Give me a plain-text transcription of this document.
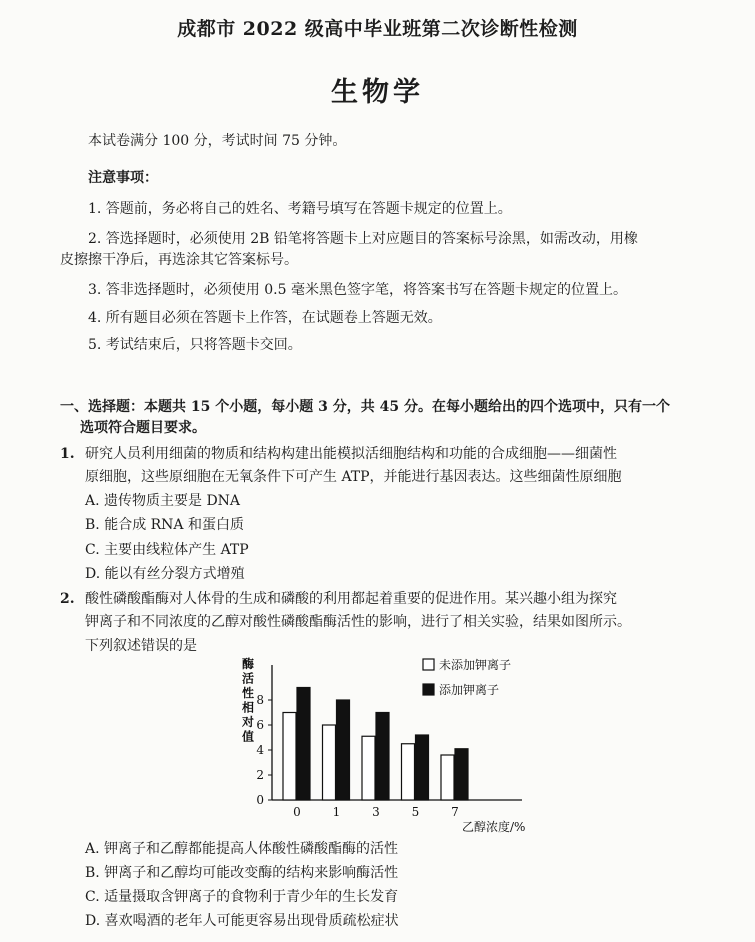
成都市 2022 级高中毕业班第二次诊断性检测
生物学
本试卷满分 100 分，考试时间 75 分钟。
注意事项：
1. 答题前，务必将自己的姓名、考籍号填写在答题卡规定的位置上。
2. 答选择题时，必须使用 2B 铅笔将答题卡上对应题目的答案标号涂黑，如需改动，用橡
皮擦擦干净后，再选涂其它答案标号。
3. 答非选择题时，必须使用 0.5 毫米黑色签字笔，将答案书写在答题卡规定的位置上。
4. 所有题目必须在答题卡上作答，在试题卷上答题无效。
5. 考试结束后，只将答题卡交回。
一、选择题：本题共 15 个小题，每小题 3 分，共 45 分。在每小题给出的四个选项中，只有一个
选项符合题目要求。
1. 研究人员利用细菌的物质和结构构建出能模拟活细胞结构和功能的合成细胞——细菌性
原细胞，这些原细胞在无氧条件下可产生 ATP，并能进行基因表达。这些细菌性原细胞
A. 遗传物质主要是 DNA
B. 能合成 RNA 和蛋白质
C. 主要由线粒体产生 ATP
D. 能以有丝分裂方式增殖
2. 酸性磷酸酯酶对人体骨的生成和磷酸的利用都起着重要的促进作用。某兴趣小组为探究
钾离子和不同浓度的乙醇对酸性磷酸酯酶活性的影响，进行了相关实验，结果如图所示。
下列叙述错误的是
0
2
4
6
8
酶活性相对值
0	1	3	5	7
乙醇浓度/%
未添加钾离子
添加钾离子
A. 钾离子和乙醇都能提高人体酸性磷酸酯酶的活性
B. 钾离子和乙醇均可能改变酶的结构来影响酶活性
C. 适量摄取含钾离子的食物利于青少年的生长发育
D. 喜欢喝酒的老年人可能更容易出现骨质疏松症状
